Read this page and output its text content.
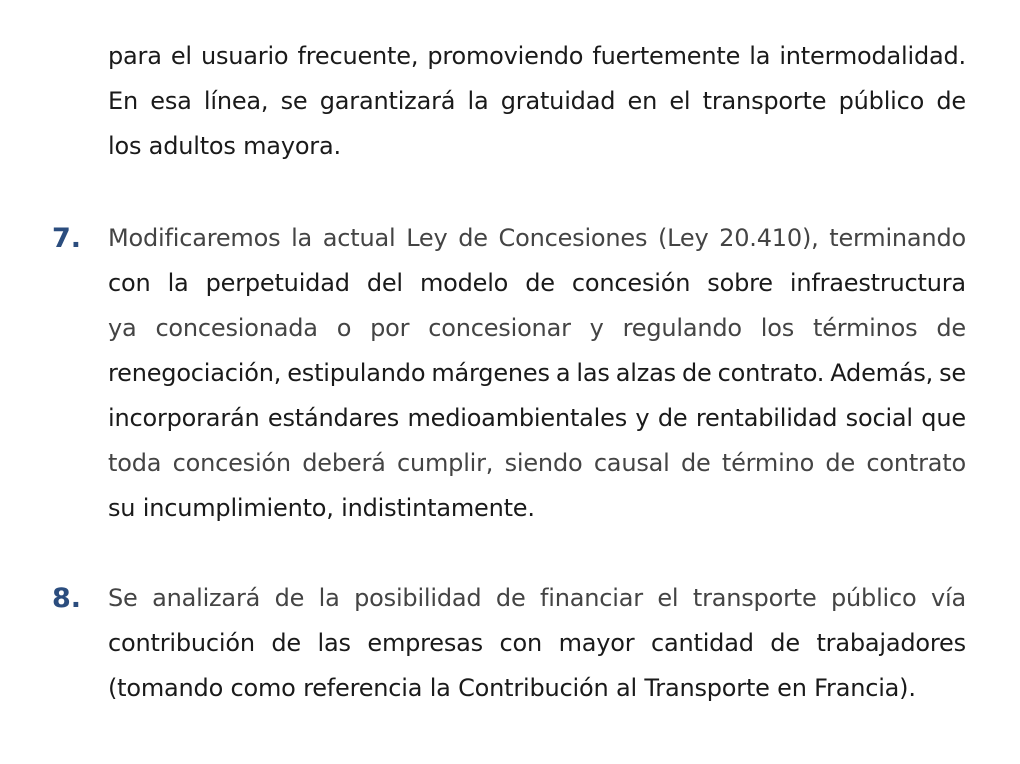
para el usuario frecuente, promoviendo fuertemente la intermodalidad.
En esa línea, se garantizará la gratuidad en el transporte público de
los adultos mayora.
7. Modificaremos la actual Ley de Concesiones (Ley 20.410), terminando
con la perpetuidad del modelo de concesión sobre infraestructura
ya concesionada o por concesionar y regulando los términos de
renegociación, estipulando márgenes a las alzas de contrato. Además, se
incorporarán estándares medioambientales y de rentabilidad social que
toda concesión deberá cumplir, siendo causal de término de contrato
su incumplimiento, indistintamente.
8. Se analizará de la posibilidad de financiar el transporte público vía
contribución de las empresas con mayor cantidad de trabajadores
(tomando como referencia la Contribución al Transporte en Francia).
